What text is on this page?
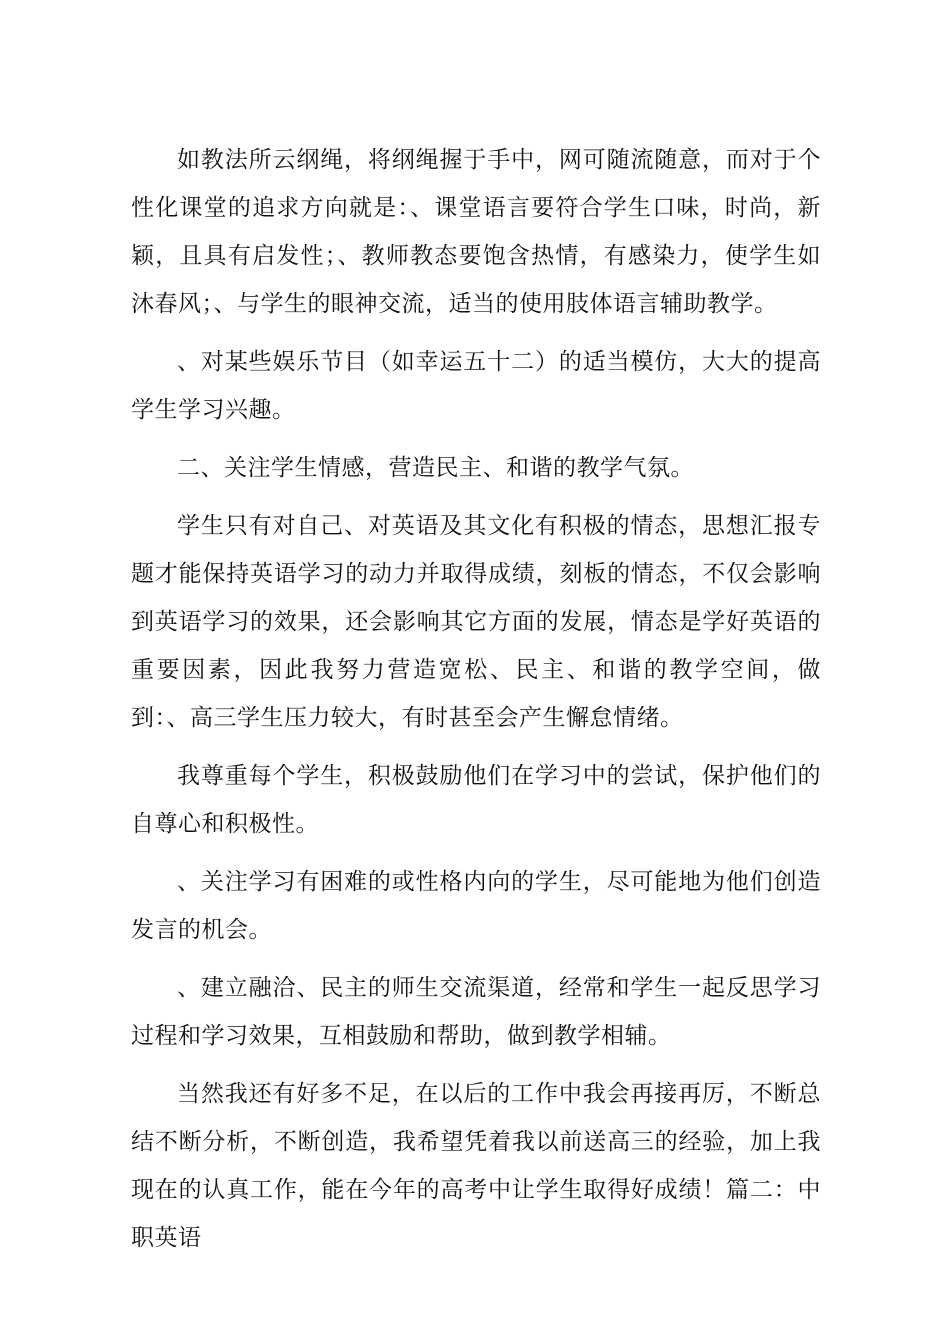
如教法所云纲绳，将纲绳握于手中，网可随流随意，而对于个性化课堂的追求方向就是：、课堂语言要符合学生口味，时尚，新颖，且具有启发性；、教师教态要饱含热情，有感染力，使学生如沐春风；、与学生的眼神交流，适当的使用肢体语言辅助教学。

、对某些娱乐节目（如幸运五十二）的适当模仿，大大的提高学生学习兴趣。

二、关注学生情感，营造民主、和谐的教学气氛。

学生只有对自己、对英语及其文化有积极的情态，思想汇报专题才能保持英语学习的动力并取得成绩，刻板的情态，不仅会影响到英语学习的效果，还会影响其它方面的发展，情态是学好英语的重要因素，因此我努力营造宽松、民主、和谐的教学空间，做到：、高三学生压力较大，有时甚至会产生懈怠情绪。

我尊重每个学生，积极鼓励他们在学习中的尝试，保护他们的自尊心和积极性。

、关注学习有困难的或性格内向的学生，尽可能地为他们创造发言的机会。

、建立融洽、民主的师生交流渠道，经常和学生一起反思学习过程和学习效果，互相鼓励和帮助，做到教学相辅。

当然我还有好多不足，在以后的工作中我会再接再厉，不断总结不断分析，不断创造，我希望凭着我以前送高三的经验，加上我现在的认真工作，能在今年的高考中让学生取得好成绩！篇二：中职英语
